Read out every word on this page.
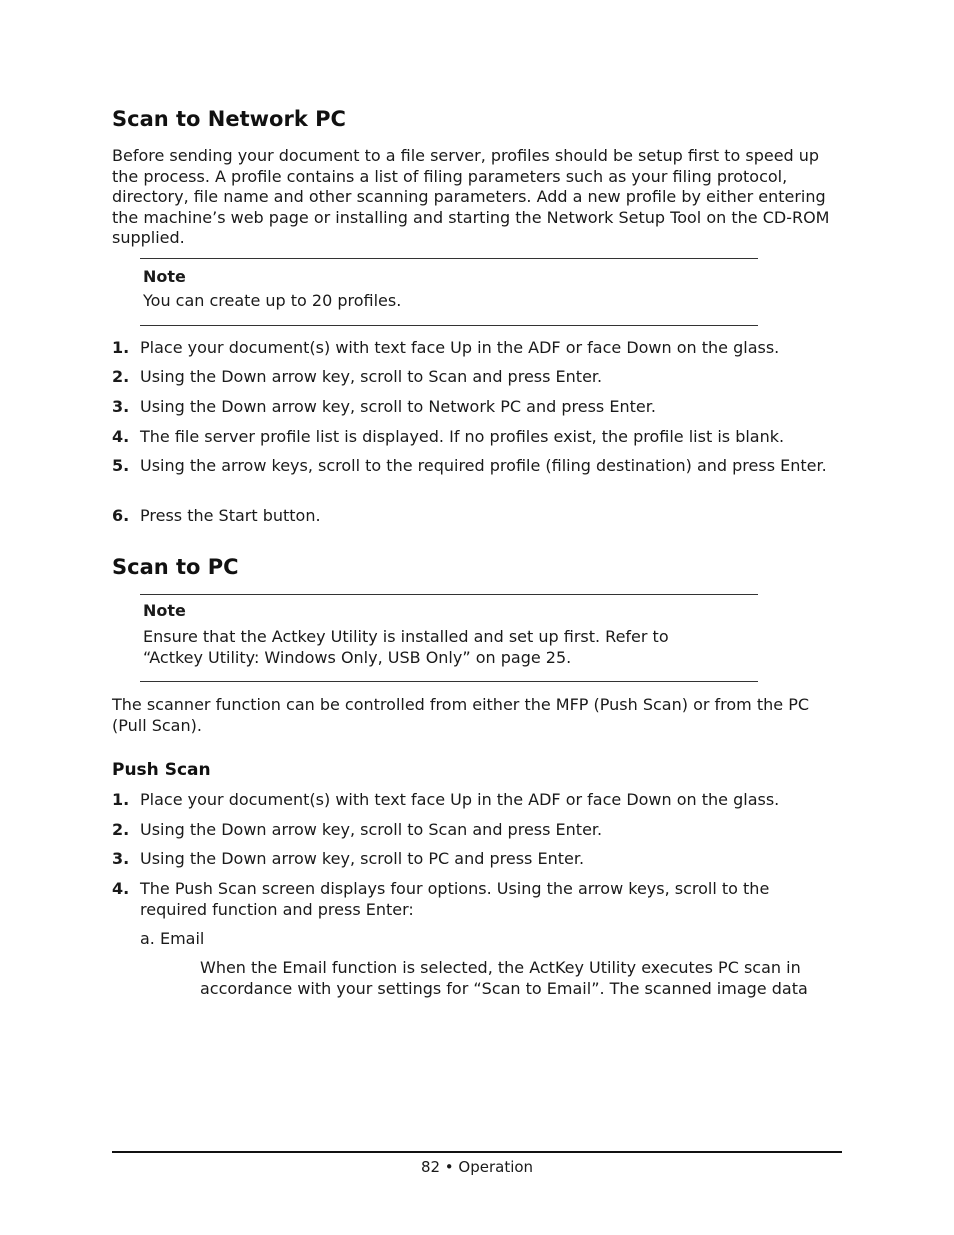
Scan to Network PC

Before sending your document to a file server, profiles should be setup first to speed up the process. A profile contains a list of filing parameters such as your filing protocol, directory, file name and other scanning parameters. Add a new profile by either entering the machine’s web page or installing and starting the Network Setup Tool on the CD-ROM supplied.

Note
You can create up to 20 profiles.
1. Place your document(s) with text face Up in the ADF or face Down on the glass.
2. Using the Down arrow key, scroll to Scan and press Enter.
3. Using the Down arrow key, scroll to Network PC and press Enter.
4. The file server profile list is displayed. If no profiles exist, the profile list is blank.
5. Using the arrow keys, scroll to the required profile (filing destination) and press Enter.
6. Press the Start button.
Scan to PC
Note
Ensure that the Actkey Utility is installed and set up first. Refer to “Actkey Utility: Windows Only, USB Only” on page 25.

The scanner function can be controlled from either the MFP (Push Scan) or from the PC (Pull Scan).

Push Scan
1. Place your document(s) with text face Up in the ADF or face Down on the glass.
2. Using the Down arrow key, scroll to Scan and press Enter.
3. Using the Down arrow key, scroll to PC and press Enter.
4. The Push Scan screen displays four options. Using the arrow keys, scroll to the required function and press Enter:

a. Email

When the Email function is selected, the ActKey Utility executes PC scan in accordance with your settings for “Scan to Email”. The scanned image data

82 • Operation
